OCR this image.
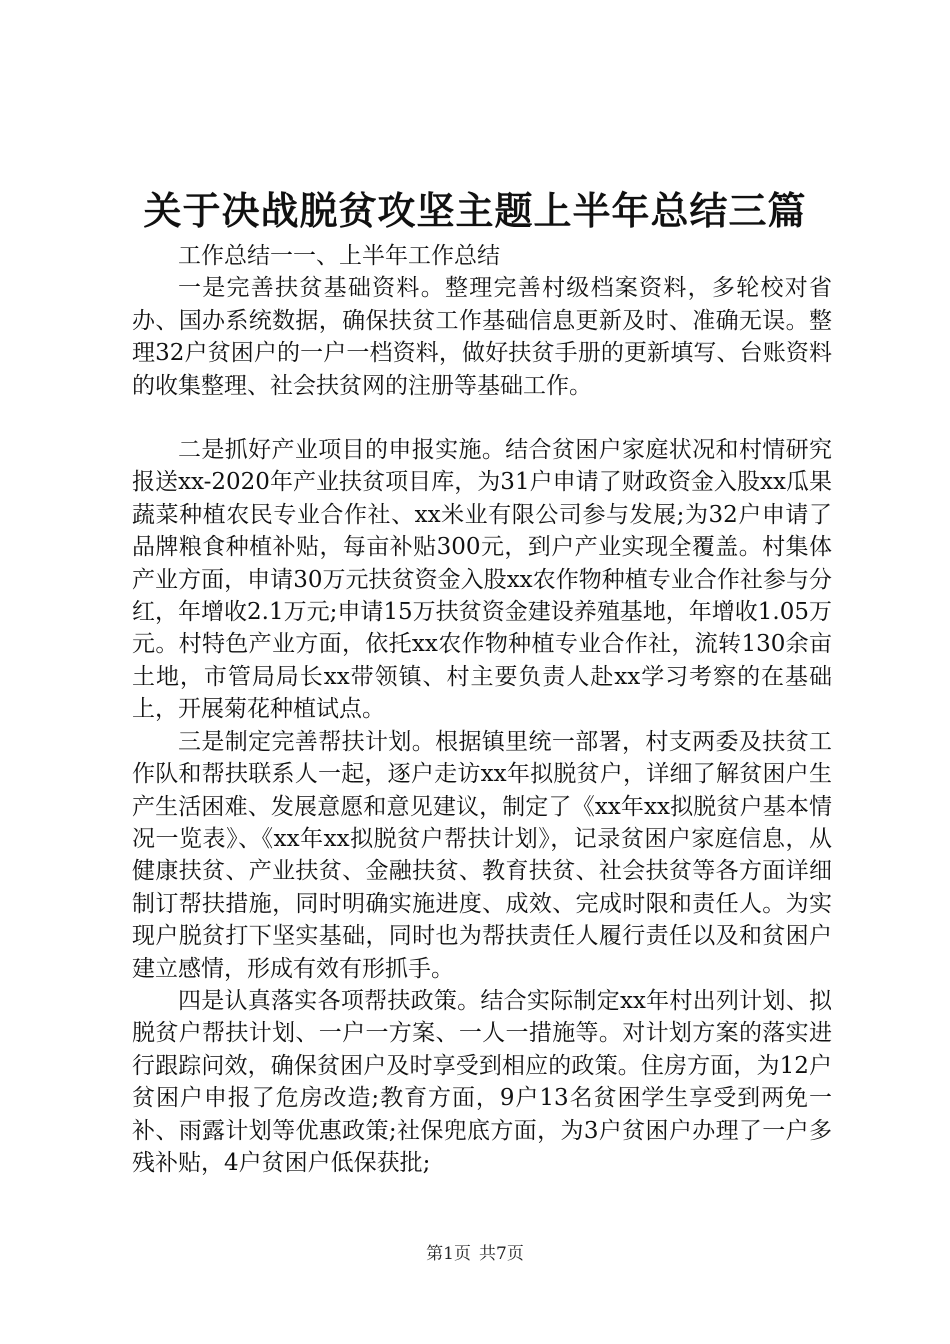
关于决战脱贫攻坚主题上半年总结三篇

工作总结一一、上半年工作总结

一是完善扶贫基础资料。整理完善村级档案资料，多轮校对省办、国办系统数据，确保扶贫工作基础信息更新及时、准确无误。整理32户贫困户的一户一档资料，做好扶贫手册的更新填写、台账资料的收集整理、社会扶贫网的注册等基础工作。

二是抓好产业项目的申报实施。结合贫困户家庭状况和村情研究报送xx-2020年产业扶贫项目库，为31户申请了财政资金入股xx瓜果蔬菜种植农民专业合作社、xx米业有限公司参与发展;为32户申请了品牌粮食种植补贴，每亩补贴300元，到户产业实现全覆盖。村集体产业方面，申请30万元扶贫资金入股xx农作物种植专业合作社参与分红，年增收2.1万元;申请15万扶贫资金建设养殖基地，年增收1.05万元。村特色产业方面，依托xx农作物种植专业合作社，流转130余亩土地，市管局局长xx带领镇、村主要负责人赴xx学习考察的在基础上，开展菊花种植试点。

三是制定完善帮扶计划。根据镇里统一部署，村支两委及扶贫工作队和帮扶联系人一起，逐户走访xx年拟脱贫户，详细了解贫困户生产生活困难、发展意愿和意见建议，制定了《xx年xx拟脱贫户基本情况一览表》、《xx年xx拟脱贫户帮扶计划》，记录贫困户家庭信息，从健康扶贫、产业扶贫、金融扶贫、教育扶贫、社会扶贫等各方面详细制订帮扶措施，同时明确实施进度、成效、完成时限和责任人。为实现户脱贫打下坚实基础，同时也为帮扶责任人履行责任以及和贫困户建立感情，形成有效有形抓手。

四是认真落实各项帮扶政策。结合实际制定xx年村出列计划、拟脱贫户帮扶计划、一户一方案、一人一措施等。对计划方案的落实进行跟踪问效，确保贫困户及时享受到相应的政策。住房方面，为12户贫困户申报了危房改造;教育方面，9户13名贫困学生享受到两免一补、雨露计划等优惠政策;社保兜底方面，为3户贫困户办理了一户多残补贴，4户贫困户低保获批;

第1页 共7页
